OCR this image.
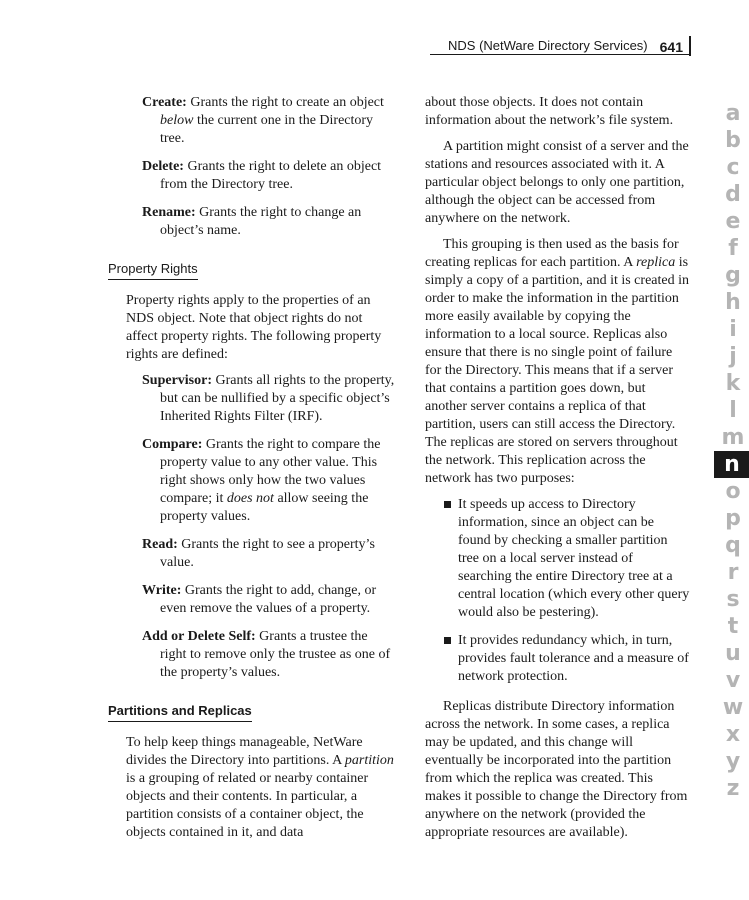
NDS (NetWare Directory Services) 641

Create: Grants the right to create an object below the current one in the Directory tree.

Delete: Grants the right to delete an object from the Directory tree.

Rename: Grants the right to change an object’s name.

Property Rights

Property rights apply to the properties of an NDS object. Note that object rights do not affect property rights. The following property rights are defined:

Supervisor: Grants all rights to the property, but can be nullified by a specific object’s Inherited Rights Filter (IRF).

Compare: Grants the right to compare the property value to any other value. This right shows only how the two values compare; it does not allow seeing the property values.

Read: Grants the right to see a property’s value.

Write: Grants the right to add, change, or even remove the values of a property.

Add or Delete Self: Grants a trustee the right to remove only the trustee as one of the property’s values.

Partitions and Replicas

To help keep things manageable, NetWare divides the Directory into partitions. A partition is a grouping of related or nearby container objects and their contents. In particular, a partition consists of a container object, the objects contained in it, and data

about those objects. It does not contain information about the network’s file system.

A partition might consist of a server and the stations and resources associated with it. A particular object belongs to only one partition, although the object can be accessed from anywhere on the network.

This grouping is then used as the basis for creating replicas for each partition. A replica is simply a copy of a partition, and it is created in order to make the information in the partition more easily available by copying the information to a local source. Replicas also ensure that there is no single point of failure for the Directory. This means that if a server that contains a partition goes down, but another server contains a replica of that partition, users can still access the Directory. The replicas are stored on servers throughout the network. This replication across the network has two purposes:

It speeds up access to Directory information, since an object can be found by checking a smaller partition tree on a local server instead of searching the entire Directory tree at a central location (which every other query would also be pestering).
It provides redundancy which, in turn, provides fault tolerance and a measure of network protection.

Replicas distribute Directory information across the network. In some cases, a replica may be updated, and this change will eventually be incorporated into the partition from which the replica was created. This makes it possible to change the Directory from anywhere on the network (provided the appropriate resources are available).

a
b
c
d
e
f
g
h
i
j
k
l
m
n
o
p
q
r
s
t
u
v
w
x
y
z
